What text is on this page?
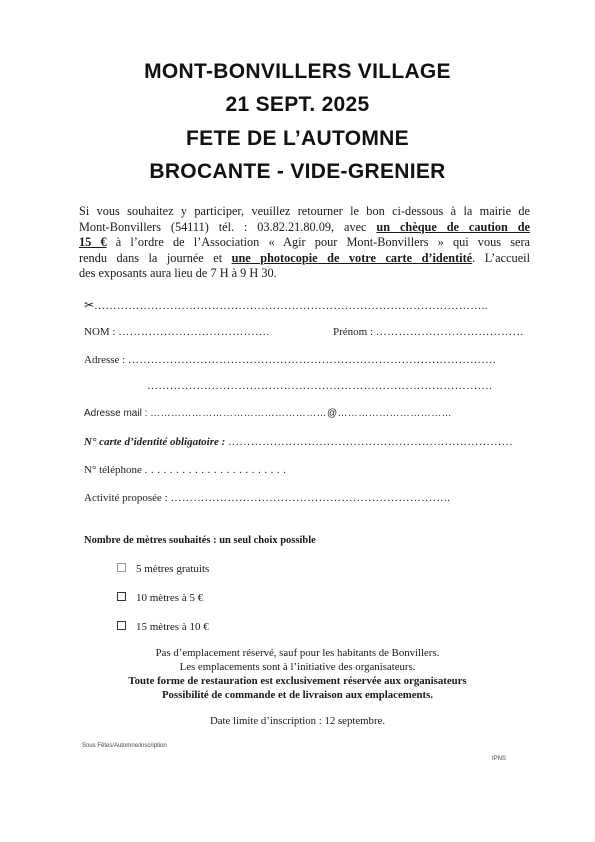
MONT-BONVILLERS VILLAGE
21 SEPT. 2025
FETE DE L’AUTOMNE
BROCANTE - VIDE-GRENIER
Si vous souhaitez y participer, veuillez retourner le bon ci-dessous à la mairie de
Mont-Bonvillers (54111) tél. : 03.82.21.80.09, avec un chèque de caution de
15 € à l’ordre de l’Association « Agir pour Mont-Bonvillers » qui vous sera
rendu dans la journée et une photocopie de votre carte d’identité. L’accueil
des exposants aura lieu de 7 H à 9 H 30.
✂…………………………………………………………………………………………..
NOM : ………………………………….	Prénom : …………………………………
Adresse : …………………………………………………………………………………….
……………………………………………………………………………….
Adresse mail : ……………………………………………@……………………………
N° carte d’identité obligatoire : …………………………………………………………………
N° téléphone . . . . . . . . . . . . . . . . . . . . . . .
Activité proposée : ………………………………………………………………..
Nombre de mètres souhaités : un seul choix possible
5 mètres gratuits
10 mètres à 5 €
15 mètres à 10 €
Pas d’emplacement réservé, sauf pour les habitants de Bonvillers.
Les emplacements sont à l’initiative des organisateurs.
Toute forme de restauration est exclusivement réservée aux organisateurs
Possibilité de commande et de livraison aux emplacements.
Date limite d’inscription : 12 septembre.
Sous Fêtes/Automne/inscription
IPNS
